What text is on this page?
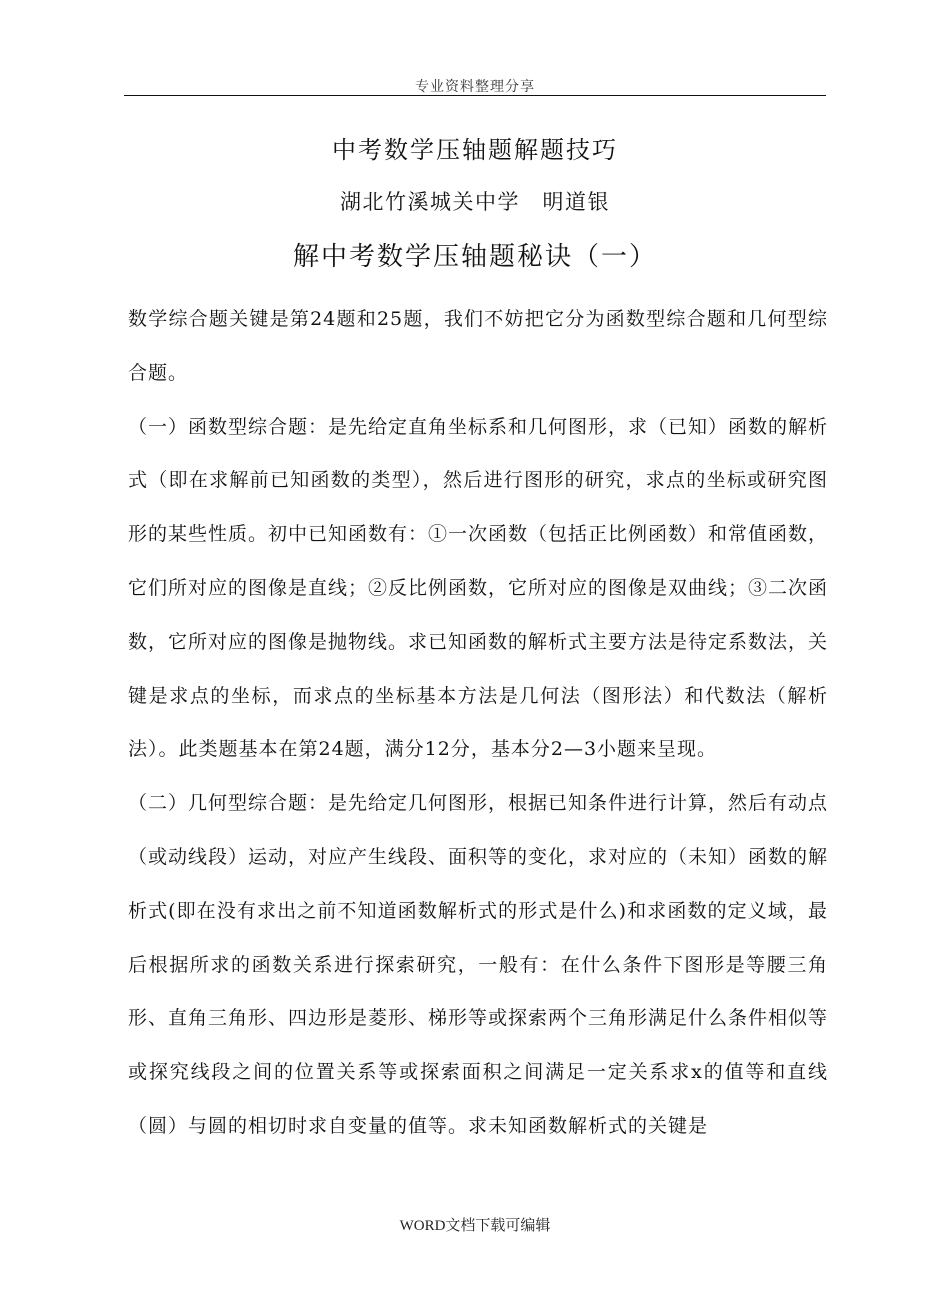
专业资料整理分享
中考数学压轴题解题技巧
湖北竹溪城关中学　明道银
解中考数学压轴题秘诀（一）

数学综合题关键是第24题和25题，我们不妨把它分为函数型综合题和几何型综合题。

（一）函数型综合题：是先给定直角坐标系和几何图形，求（已知）函数的解析式（即在求解前已知函数的类型），然后进行图形的研究，求点的坐标或研究图形的某些性质。初中已知函数有：①一次函数（包括正比例函数）和常值函数，它们所对应的图像是直线；②反比例函数，它所对应的图像是双曲线；③二次函数，它所对应的图像是抛物线。求已知函数的解析式主要方法是待定系数法，关键是求点的坐标，而求点的坐标基本方法是几何法（图形法）和代数法（解析法）。此类题基本在第24题，满分12分，基本分2—3小题来呈现。

（二）几何型综合题：是先给定几何图形，根据已知条件进行计算，然后有动点（或动线段）运动，对应产生线段、面积等的变化，求对应的（未知）函数的解析式(即在没有求出之前不知道函数解析式的形式是什么)和求函数的定义域，最后根据所求的函数关系进行探索研究，一般有：在什么条件下图形是等腰三角形、直角三角形、四边形是菱形、梯形等或探索两个三角形满足什么条件相似等或探究线段之间的位置关系等或探索面积之间满足一定关系求x的值等和直线（圆）与圆的相切时求自变量的值等。求未知函数解析式的关键是

WORD文档下载可编辑
